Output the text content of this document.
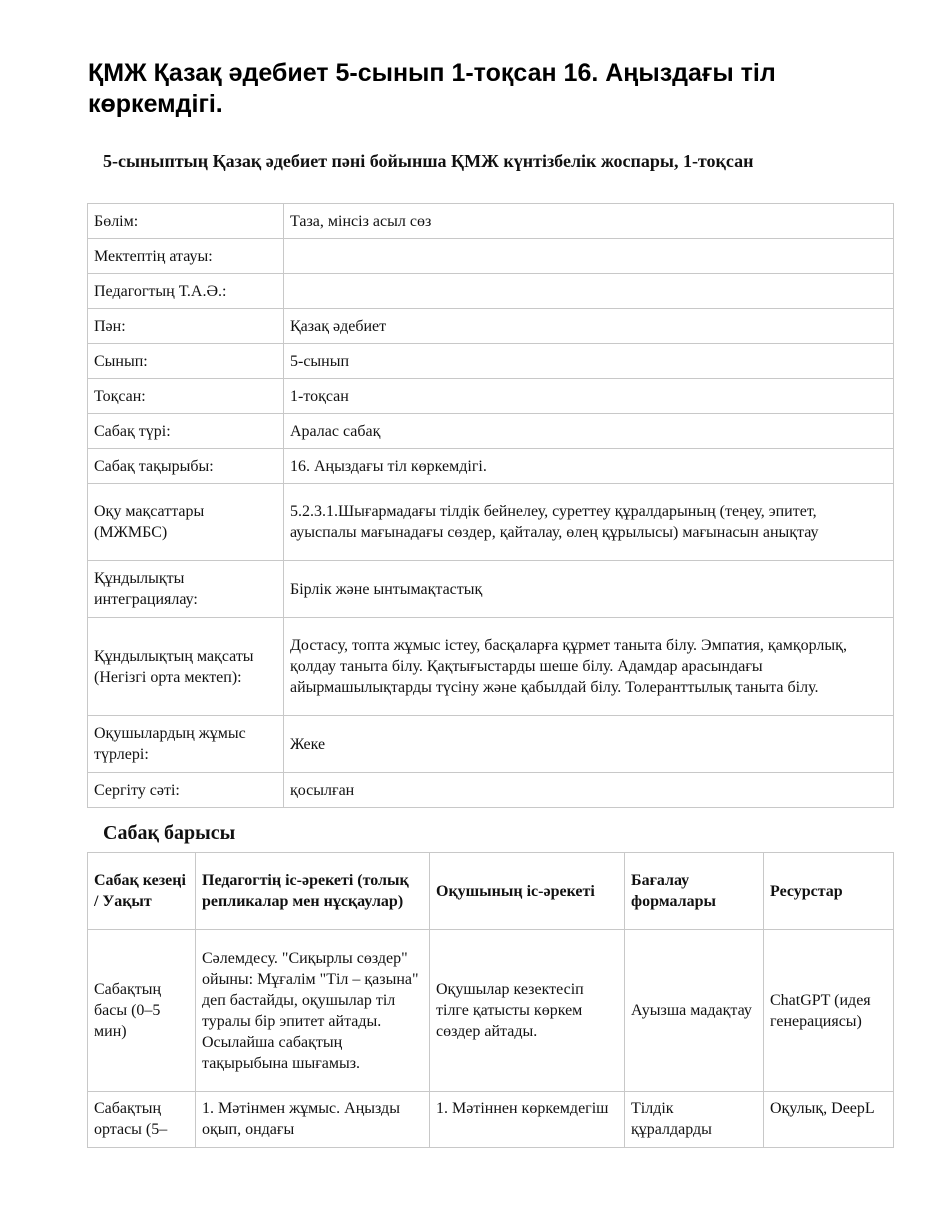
ҚМЖ Қазақ әдебиет 5-сынып 1-тоқсан 16. Аңыздағы тіл көркемдігі.
5-сыныптың Қазақ әдебиет пәні бойынша ҚМЖ күнтізбелік жоспары, 1-тоқсан
Бөлім:	Таза, мінсіз асыл сөз
Мектептің атауы:	
Педагогтың Т.А.Ә.:	
Пән:	Қазақ әдебиет
Сынып:	5-сынып
Тоқсан:	1-тоқсан
Сабақ түрі:	Аралас сабақ
Сабақ тақырыбы:	16. Аңыздағы тіл көркемдігі.
Оқу мақсаттары (МЖМБС)	5.2.3.1.Шығармадағы тілдік бейнелеу, суреттеу құралдарының (теңеу, эпитет, ауыспалы мағынадағы сөздер, қайталау, өлең құрылысы) мағынасын анықтау
Құндылықты интеграциялау:	Бірлік және ынтымақтастық
Құндылықтың мақсаты (Негізгі орта мектеп):	Достасу, топта жұмыс істеу, басқаларға құрмет таныта білу. Эмпатия, қамқорлық, қолдау таныта білу. Қақтығыстарды шеше білу. Адамдар арасындағы айырмашылықтарды түсіну және қабылдай білу. Толеранттылық таныта білу.
Оқушылардың жұмыс түрлері:	Жеке
Сергіту сәті:	қосылған
Сабақ барысы
Сабақ кезеңі / Уақыт	Педагогтің іс-әрекеті (толық репликалар мен нұсқаулар)	Оқушының іс-әрекеті	Бағалау формалары	Ресурстар
Сабақтың басы (0–5 мин)	Сәлемдесу. "Сиқырлы сөздер" ойыны: Мұғалім "Тіл – қазына" деп бастайды, оқушылар тіл туралы бір эпитет айтады. Осылайша сабақтың тақырыбына шығамыз.	Оқушылар кезектесіп тілге қатысты көркем сөздер айтады.	Ауызша мадақтау	ChatGPT (идея генерациясы)
Сабақтың ортасы (5–	1. Мәтінмен жұмыс. Аңызды оқып, ондағы	1. Мәтіннен көркемдегіш	Тілдік құралдарды	Оқулық, DeepL
